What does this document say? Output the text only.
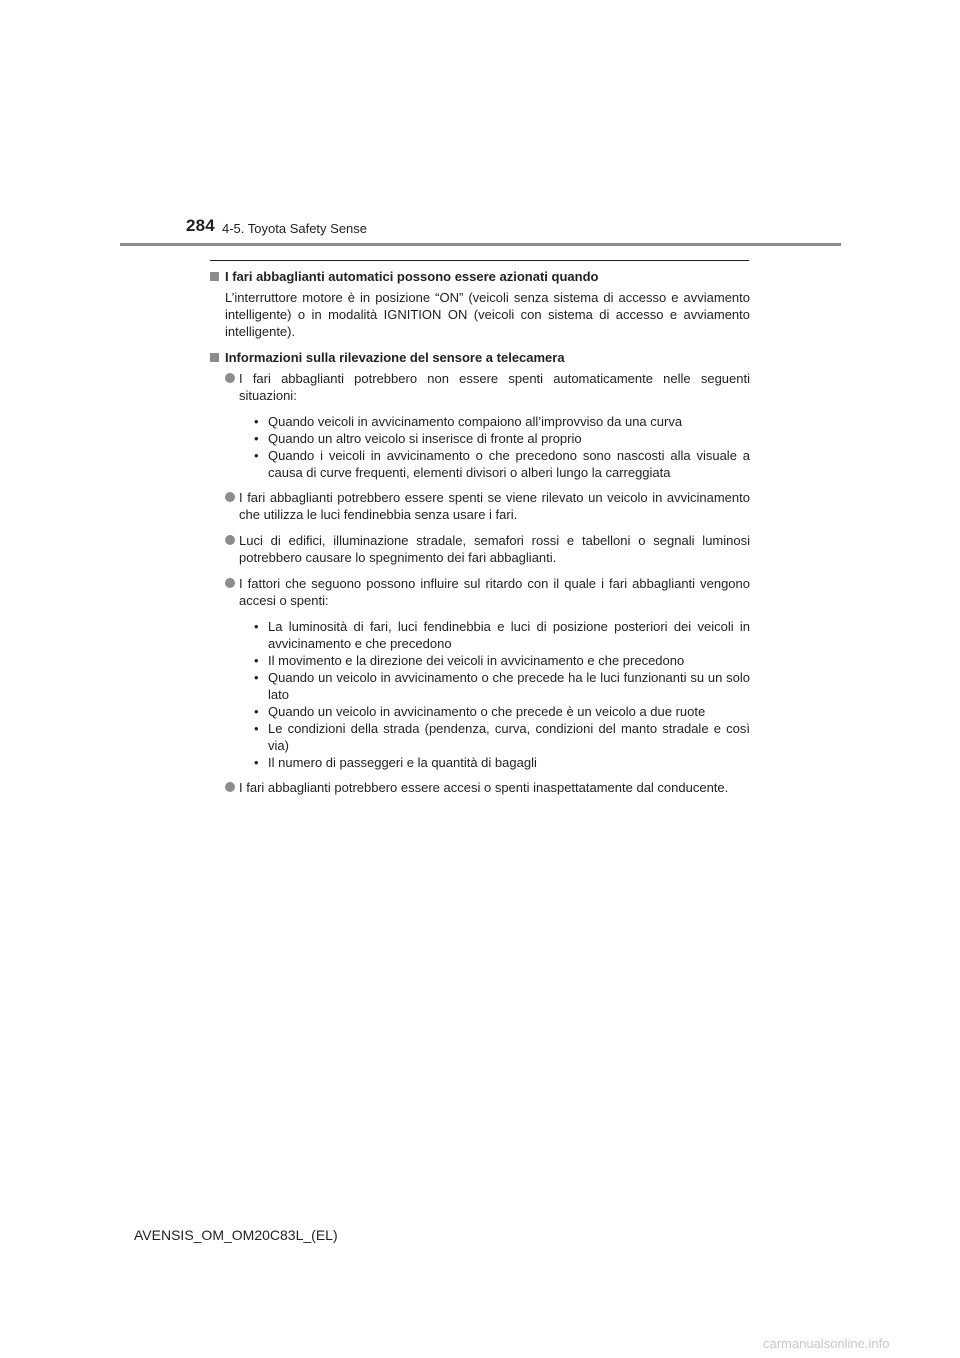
284 4-5. Toyota Safety Sense
I fari abbaglianti automatici possono essere azionati quando
L’interruttore motore è in posizione “ON” (veicoli senza sistema di accesso e avviamento intelligente) o in modalità IGNITION ON (veicoli con sistema di accesso e avviamento intelligente).
Informazioni sulla rilevazione del sensore a telecamera
I fari abbaglianti potrebbero non essere spenti automaticamente nelle seguenti situazioni:
• Quando veicoli in avvicinamento compaiono all’improvviso da una curva
• Quando un altro veicolo si inserisce di fronte al proprio
• Quando i veicoli in avvicinamento o che precedono sono nascosti alla visuale a causa di curve frequenti, elementi divisori o alberi lungo la carreggiata
I fari abbaglianti potrebbero essere spenti se viene rilevato un veicolo in avvicinamento che utilizza le luci fendinebbia senza usare i fari.
Luci di edifici, illuminazione stradale, semafori rossi e tabelloni o segnali luminosi potrebbero causare lo spegnimento dei fari abbaglianti.
I fattori che seguono possono influire sul ritardo con il quale i fari abbaglianti vengono accesi o spenti:
• La luminosità di fari, luci fendinebbia e luci di posizione posteriori dei veicoli in avvicinamento e che precedono
• Il movimento e la direzione dei veicoli in avvicinamento e che precedono
• Quando un veicolo in avvicinamento o che precede ha le luci funzionanti su un solo lato
• Quando un veicolo in avvicinamento o che precede è un veicolo a due ruote
• Le condizioni della strada (pendenza, curva, condizioni del manto stradale e così via)
• Il numero di passeggeri e la quantità di bagagli
I fari abbaglianti potrebbero essere accesi o spenti inaspettatamente dal conducente.
AVENSIS_OM_OM20C83L_(EL)
carmanualsonline.info
